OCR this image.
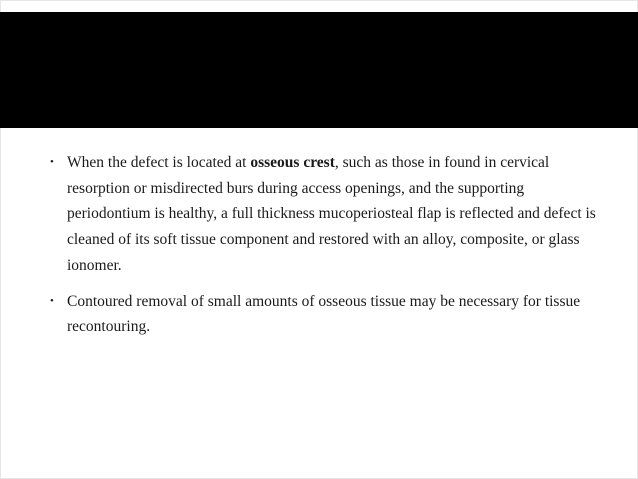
• When the defect is located at osseous crest, such as those in found in cervical resorption or misdirected burs during access openings, and the supporting periodontium is healthy, a full thickness mucoperiosteal flap is reflected and defect is cleaned of its soft tissue component and restored with an alloy, composite, or glass ionomer.
• Contoured removal of small amounts of osseous tissue may be necessary for tissue recontouring.
